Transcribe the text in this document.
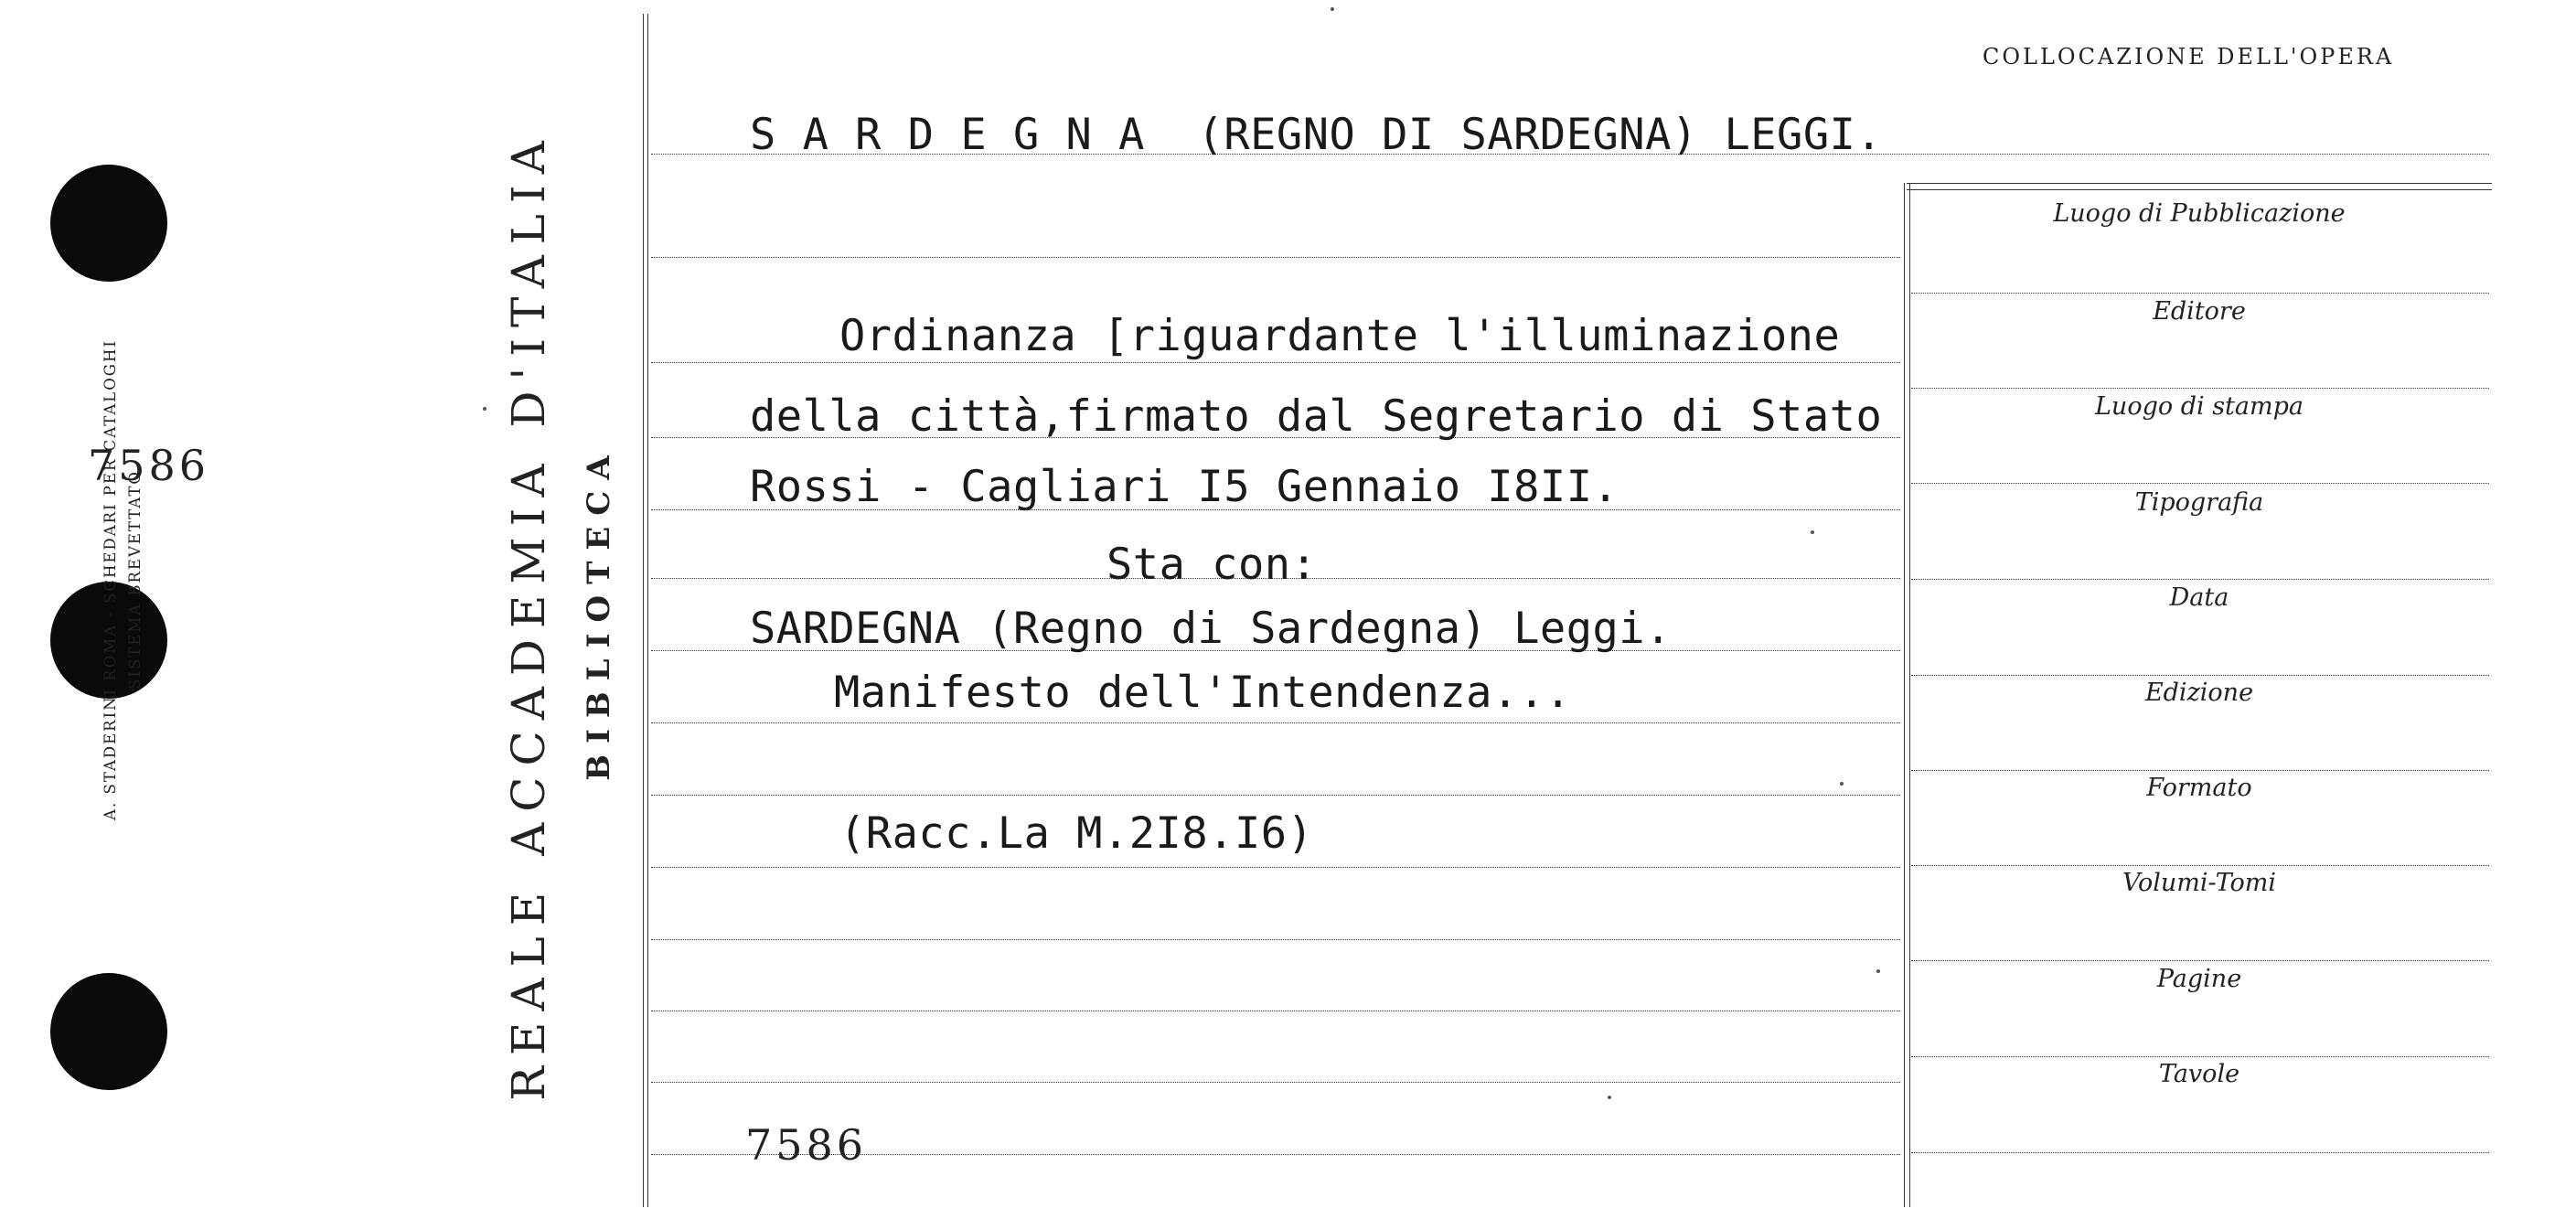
7586
A. STADERINI ROMA - SCHEDARI PER CATALOGHI SISTEMA BREVETTATO	REALE ACCADEMIA D'ITALIA BIBLIOTECA
COLLOCAZIONE DELL'OPERA
Luogo di Pubblicazione
Editore
Luogo di stampa
Tipografia
Data
Edizione
Formato
Volumi-Tomi
Pagine
Tavole
S A R D E G N A  (REGNO DI SARDEGNA) LEGGI.
Ordinanza [riguardante l'illuminazione
della città,firmato dal Segretario di Stato
Rossi - Cagliari I5 Gennaio I8II.
Sta con:
SARDEGNA (Regno di Sardegna) Leggi.
Manifesto dell'Intendenza...
(Racc.La M.2I8.I6)
7586
